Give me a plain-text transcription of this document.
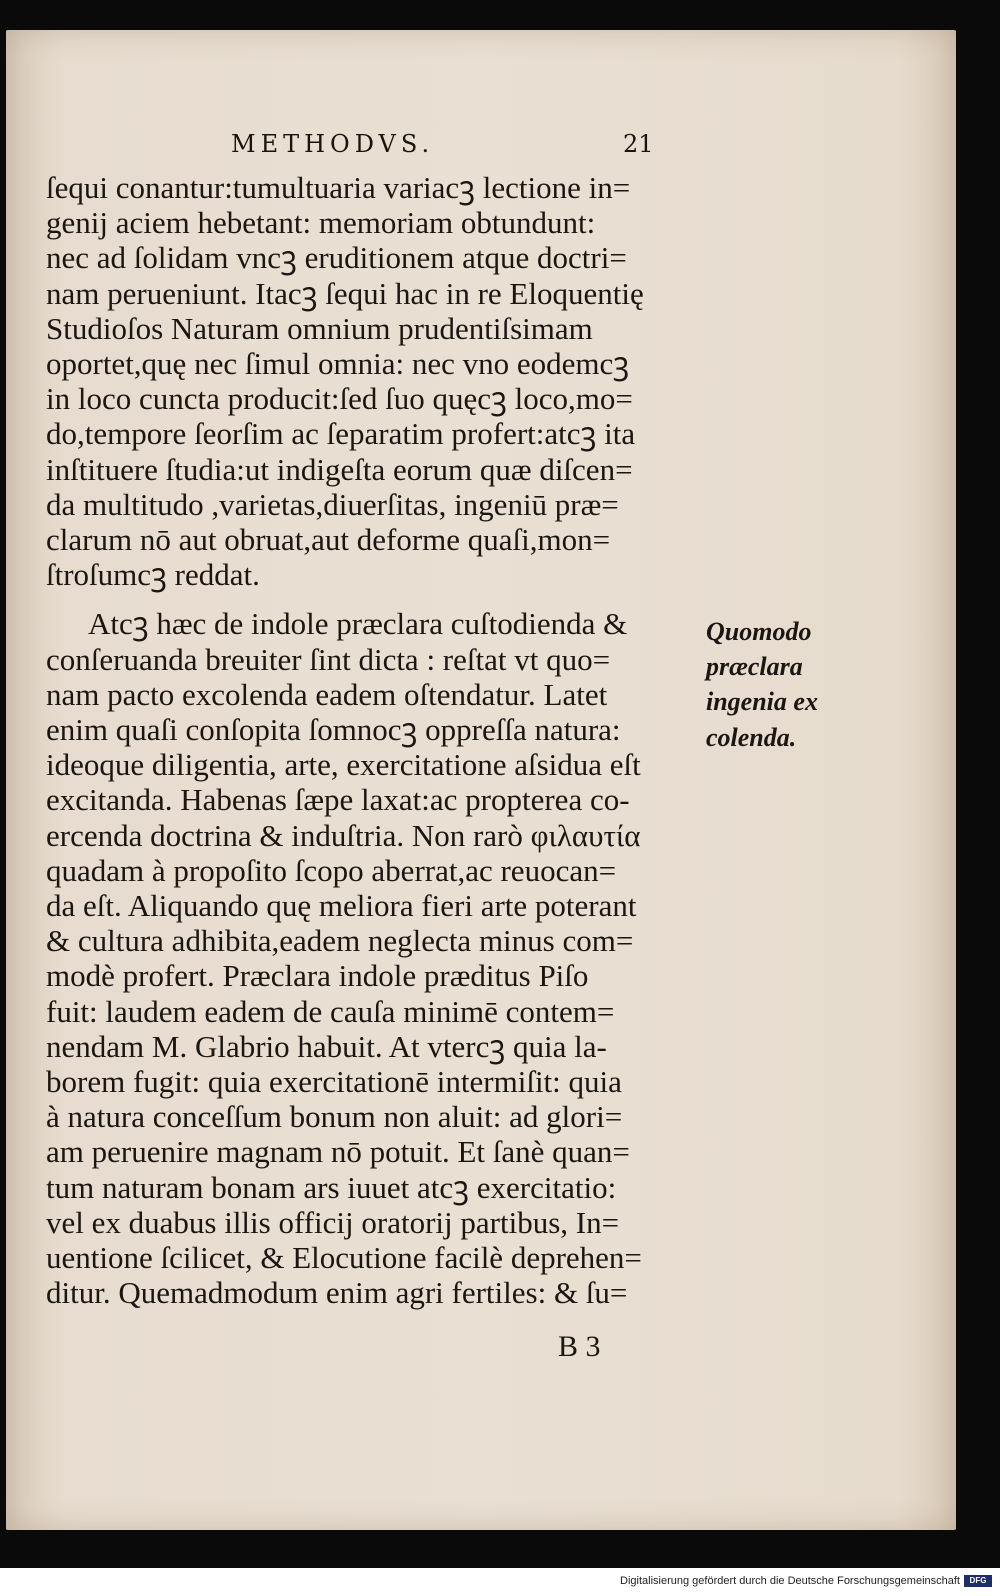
METHODVS.	21
ſequi conantur:tumultuaria variacꝫ lectione in=
genij aciem hebetant: memoriam obtundunt:
nec ad ſolidam vncꝫ eruditionem atque doctri=
nam perueniunt. Itacꝫ ſequi hac in re Eloquentię
Studioſos Naturam omnium prudentiſsimam
oportet,quę nec ſimul omnia: nec vno eodemcꝫ
in loco cuncta producit:ſed ſuo quęcꝫ loco,mo=
do,tempore ſeorſim ac ſeparatim profert:atcꝫ ita
inſtituere ſtudia:ut indigeſta eorum quæ diſcen=
da multitudo ,varietas,diuerſitas, ingeniū præ=
clarum nō aut obruat,aut deforme quaſi,mon=
ſtroſumcꝫ reddat.
Atcꝫ hæc de indole præclara cuſtodienda &
conſeruanda breuiter ſint dicta : reſtat vt quo=
nam pacto excolenda eadem oſtendatur. Latet
enim quaſi conſopita ſomnocꝫ oppreſſa natura:
ideoque diligentia, arte, exercitatione aſsidua eſt
excitanda. Habenas ſæpe laxat:ac propterea co-
ercenda doctrina & induſtria. Non rarò φιλαυτία
quadam à propoſito ſcopo aberrat,ac reuocan=
da eſt. Aliquando quę meliora fieri arte poterant
& cultura adhibita,eadem neglecta minus com=
modè profert. Præclara indole præditus Piſo
fuit: laudem eadem de cauſa minimē contem=
nendam M. Glabrio habuit. At vtercꝫ quia la-
borem fugit: quia exercitationē intermiſit: quia
à natura conceſſum bonum non aluit: ad glori=
am peruenire magnam nō potuit. Et ſanè quan=
tum naturam bonam ars iuuet atcꝫ exercitatio:
vel ex duabus illis officij oratorij partibus, In=
uentione ſcilicet, & Elocutione facilè deprehen=
ditur. Quemadmodum enim agri fertiles: & ſu=
Quomodo
præclara
ingenia ex
colenda.
B 3
Digitalisierung gefördert durch die Deutsche Forschungsgemeinschaft	DFG
